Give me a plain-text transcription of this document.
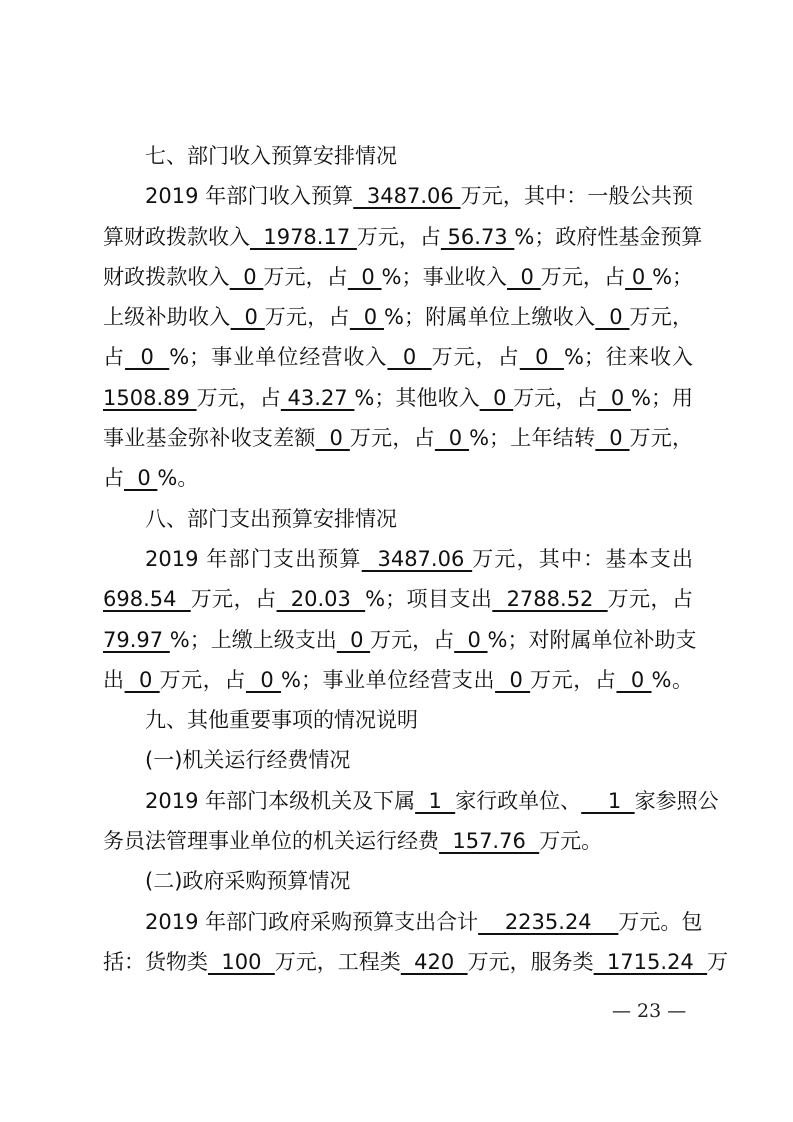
七、部门收入预算安排情况
2019 年部门收入预算  3487.06 万元，其中：一般公共预
算财政拨款收入  1978.17 万元，占 56.73 %；政府性基金预算
财政拨款收入  0 万元，占  0 %；事业收入  0 万元，占 0 %；
上级补助收入  0 万元，占  0 %；附属单位上缴收入  0 万元，
占  0  %；事业单位经营收入  0  万元，占  0  %；往来收入
1508.89 万元，占 43.27 %；其他收入  0 万元，占  0 %；用
事业基金弥补收支差额  0 万元，占  0 %；上年结转  0 万元，
占  0 %。
八、部门支出预算安排情况
2019 年部门支出预算  3487.06 万元，其中：基本支出
698.54  万元，占  20.03  %；项目支出  2788.52  万元，占
79.97 %；上缴上级支出  0 万元，占  0 %；对附属单位补助支
出  0 万元，占  0 %；事业单位经营支出  0 万元，占  0 %。
九、其他重要事项的情况说明
(一)机关运行经费情况
2019 年部门本级机关及下属  1  家行政单位、    1  家参照公
务员法管理事业单位的机关运行经费  157.76  万元。
(二)政府采购预算情况
2019 年部门政府采购预算支出合计    2235.24    万元。包
括：货物类  100  万元，工程类  420  万元，服务类  1715.24  万
— 23 —
